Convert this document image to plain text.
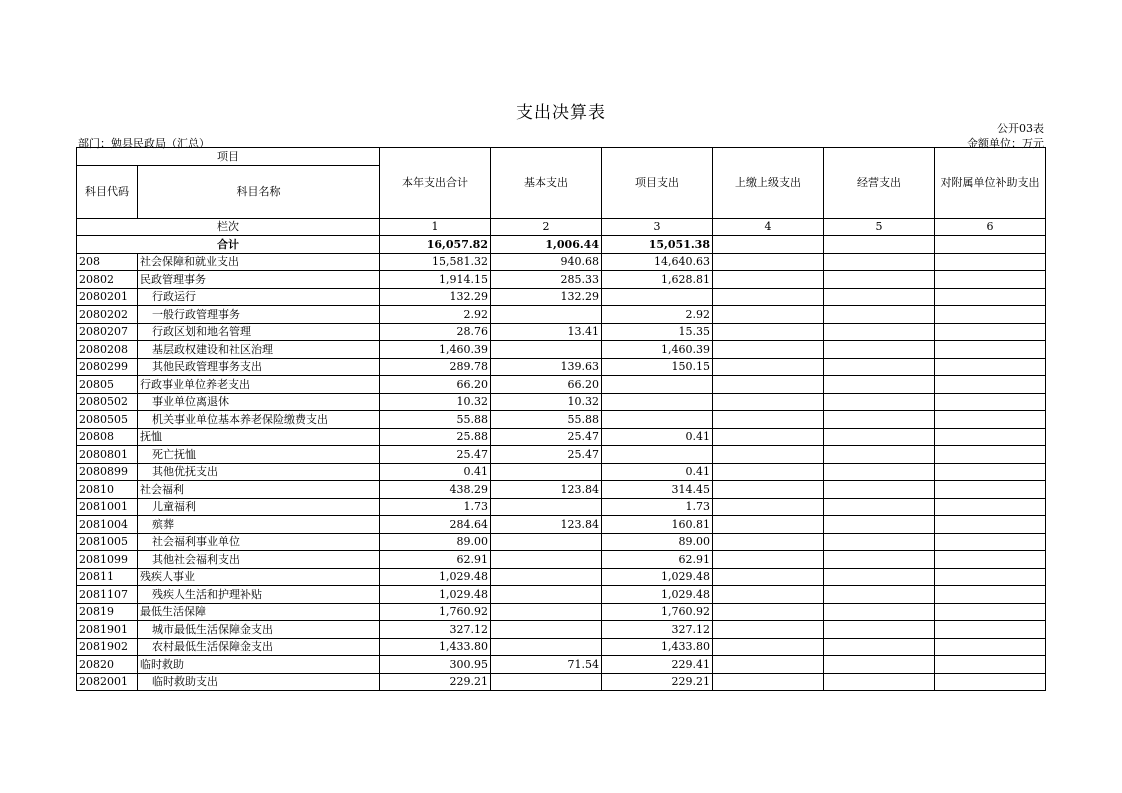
支出决算表
公开03表
部门：勉县民政局（汇总）	金额单位：万元
项目		本年支出合计	基本支出	项目支出	上缴上级支出	经营支出	对附属单位补助支出
科目代码	科目名称						
栏次		1	2	3	4	5	6
合计		16,057.82	1,006.44	15,051.38			
208	社会保障和就业支出	15,581.32	940.68	14,640.63			
20802	民政管理事务	1,914.15	285.33	1,628.81			
2080201	行政运行	132.29	132.29				
2080202	一般行政管理事务	2.92		2.92			
2080207	行政区划和地名管理	28.76	13.41	15.35			
2080208	基层政权建设和社区治理	1,460.39		1,460.39			
2080299	其他民政管理事务支出	289.78	139.63	150.15			
20805	行政事业单位养老支出	66.20	66.20				
2080502	事业单位离退休	10.32	10.32				
2080505	机关事业单位基本养老保险缴费支出	55.88	55.88				
20808	抚恤	25.88	25.47	0.41			
2080801	死亡抚恤	25.47	25.47				
2080899	其他优抚支出	0.41		0.41			
20810	社会福利	438.29	123.84	314.45			
2081001	儿童福利	1.73		1.73			
2081004	殡葬	284.64	123.84	160.81			
2081005	社会福利事业单位	89.00		89.00			
2081099	其他社会福利支出	62.91		62.91			
20811	残疾人事业	1,029.48		1,029.48			
2081107	残疾人生活和护理补贴	1,029.48		1,029.48			
20819	最低生活保障	1,760.92		1,760.92			
2081901	城市最低生活保障金支出	327.12		327.12			
2081902	农村最低生活保障金支出	1,433.80		1,433.80			
20820	临时救助	300.95	71.54	229.41			
2082001	临时救助支出	229.21		229.21			
